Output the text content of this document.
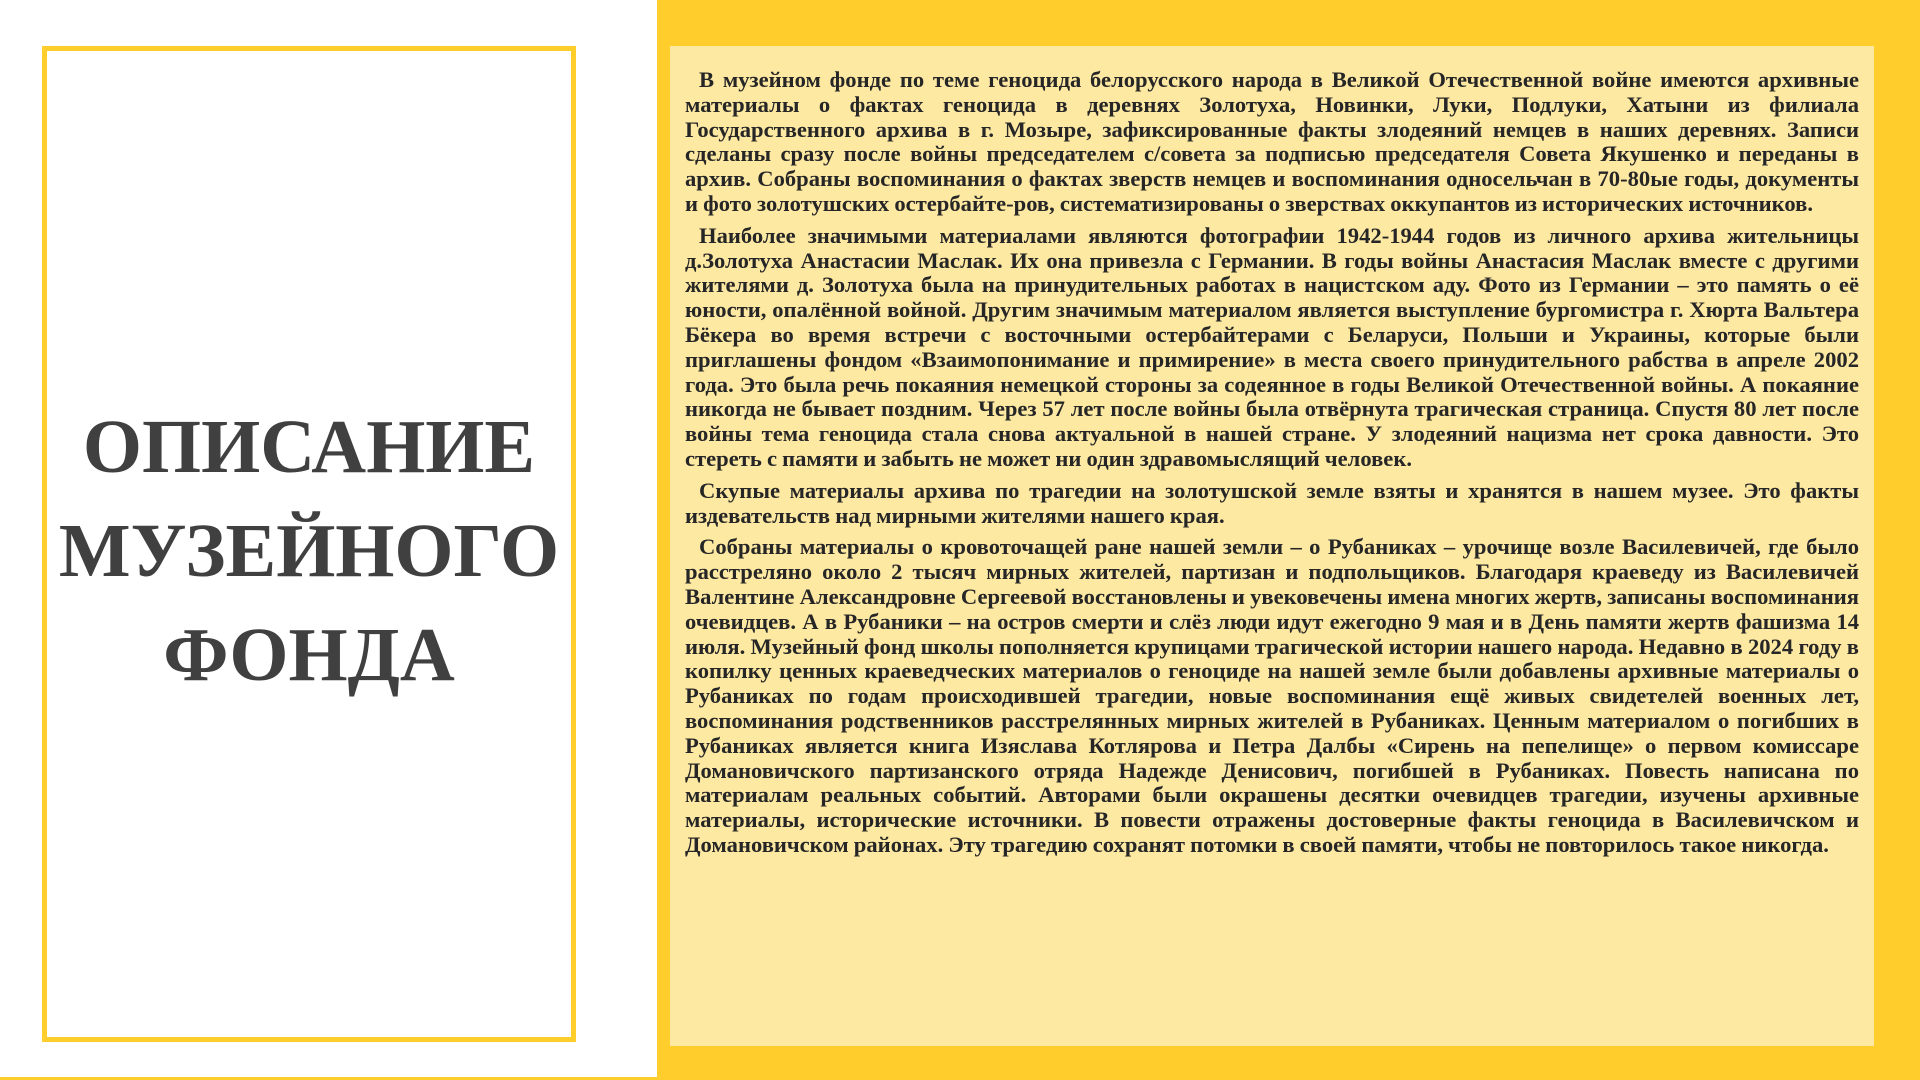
ОПИСАНИЕ
МУЗЕЙНОГО
ФОНДА

В музейном фонде по теме геноцида белорусского народа в Великой Отечественной войне имеются архивные материалы о фактах геноцида в деревнях Золотуха, Новинки, Луки, Подлуки, Хатыни из филиала Государственного архива в г. Мозыре, зафиксированные факты злодеяний немцев в наших деревнях. Записи сделаны сразу после войны председателем с/совета за подписью председателя Совета Якушенко и переданы в архив. Собраны воспоминания о фактах зверств немцев и воспоминания односельчан в 70-80ые годы, документы и фото золотушских остербайте-ров, систематизированы о зверствах оккупантов из исторических источников.

Наиболее значимыми материалами являются фотографии 1942-1944 годов из личного архива жительницы д.Золотуха Анастасии Маслак. Их она привезла с Германии. В годы войны Анастасия Маслак вместе с другими жителями д. Золотуха была на принудительных работах в нацистском аду. Фото из Германии – это память о её юности, опалённой войной. Другим значимым материалом является выступление бургомистра г. Хюрта Вальтера Бёкера во время встречи с восточными остербайтерами с Беларуси, Польши и Украины, которые были приглашены фондом «Взаимопонимание и примирение» в места своего принудительного рабства в апреле 2002 года. Это была речь покаяния немецкой стороны за содеянное в годы Великой Отечественной войны. А покаяние никогда не бывает поздним. Через 57 лет после войны была отвёрнута трагическая страница. Спустя 80 лет после войны тема геноцида стала снова актуальной в нашей стране. У злодеяний нацизма нет срока давности. Это стереть с памяти и забыть не может ни один здравомыслящий человек.

Скупые материалы архива по трагедии на золотушской земле взяты и хранятся в нашем музее. Это факты издевательств над мирными жителями нашего края.

Собраны материалы о кровоточащей ране нашей земли – о Рубаниках – урочище возле Василевичей, где было расстреляно около 2 тысяч мирных жителей, партизан и подпольщиков. Благодаря краеведу из Василевичей Валентине Александровне Сергеевой восстановлены и увековечены имена многих жертв, записаны воспоминания очевидцев. А в Рубаники – на остров смерти и слёз люди идут ежегодно 9 мая и в День памяти жертв фашизма 14 июля. Музейный фонд школы пополняется крупицами трагической истории нашего народа. Недавно в 2024 году в копилку ценных краеведческих материалов о геноциде на нашей земле были добавлены архивные материалы о Рубаниках по годам происходившей трагедии, новые воспоминания ещё живых свидетелей военных лет, воспоминания родственников расстрелянных мирных жителей в Рубаниках. Ценным материалом о погибших в Рубаниках является книга Изяслава Котлярова и Петра Далбы «Сирень на пепелище» о первом комиссаре Домановичского партизанского отряда Надежде Денисович, погибшей в Рубаниках. Повесть написана по материалам реальных событий. Авторами были окрашены десятки очевидцев трагедии, изучены архивные материалы, исторические источники. В повести отражены достоверные факты геноцида в Василевичском и Домановичском районах. Эту трагедию сохранят потомки в своей памяти, чтобы не повторилось такое никогда.
